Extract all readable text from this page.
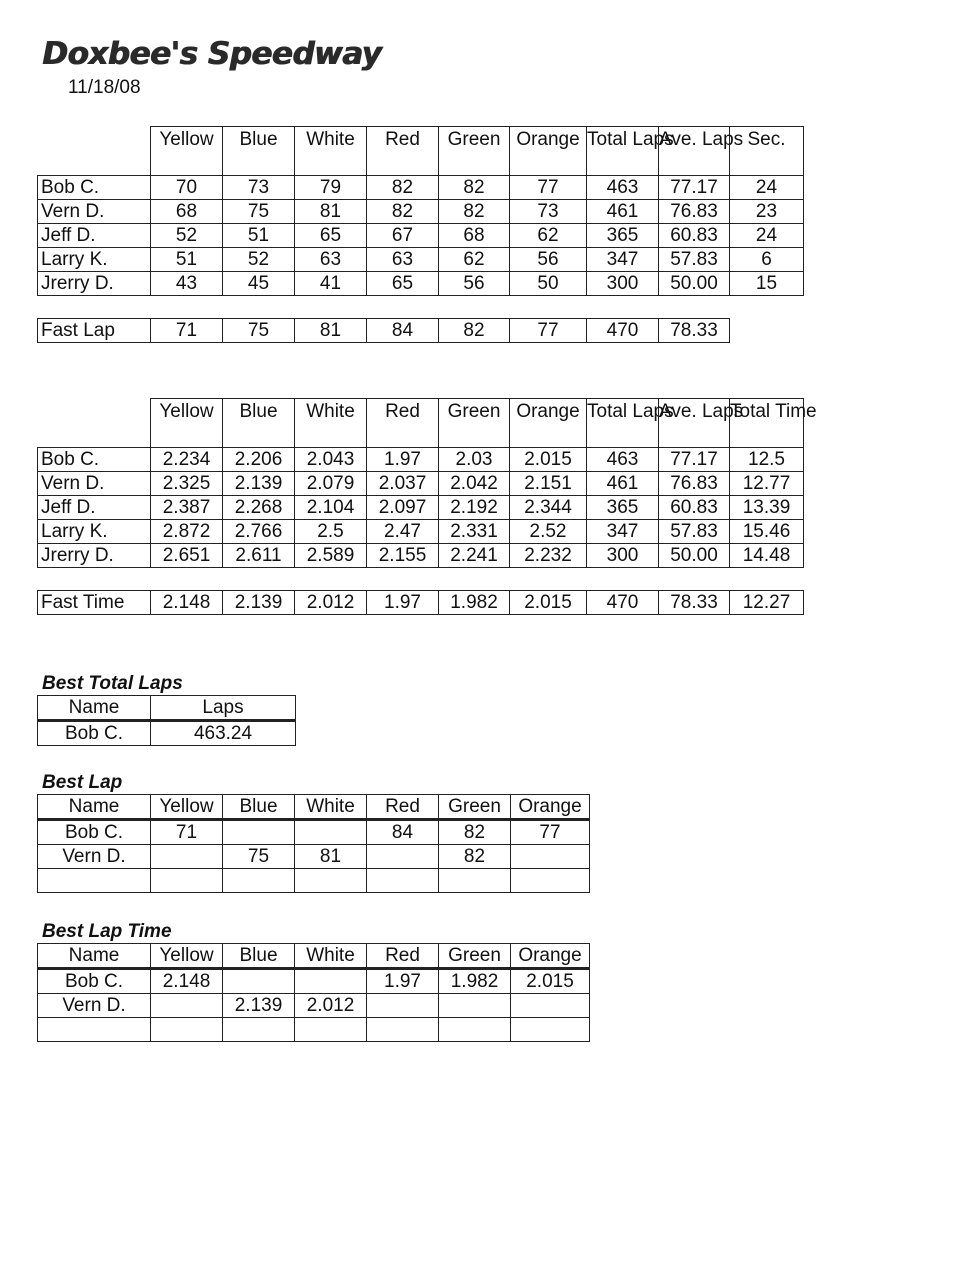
Doxbee's Speedway
11/18/08
	Yellow	Blue	White	Red	Green	Orange	Total Laps	Ave. Laps	Sec.
Bob C.	70	73	79	82	82	77	463	77.17	24
Vern D.	68	75	81	82	82	73	461	76.83	23
Jeff D.	52	51	65	67	68	62	365	60.83	24
Larry K.	51	52	63	63	62	56	347	57.83	6
Jrerry D.	43	45	41	65	56	50	300	50.00	15

Fast Lap	71	75	81	84	82	77	470	78.33	
	Yellow	Blue	White	Red	Green	Orange	Total Laps	Ave. Laps	Total Time
Bob C.	2.234	2.206	2.043	1.97	2.03	2.015	463	77.17	12.5
Vern D.	2.325	2.139	2.079	2.037	2.042	2.151	461	76.83	12.77
Jeff D.	2.387	2.268	2.104	2.097	2.192	2.344	365	60.83	13.39
Larry K.	2.872	2.766	2.5	2.47	2.331	2.52	347	57.83	15.46
Jrerry D.	2.651	2.611	2.589	2.155	2.241	2.232	300	50.00	14.48

Fast Time	2.148	2.139	2.012	1.97	1.982	2.015	470	78.33	12.27
Best Total Laps
Name	Laps
Bob C.	463.24
Best Lap
Name	Yellow	Blue	White	Red	Green	Orange
Bob C.	71			84	82	77
Vern D.		75	81		82	

Best Lap Time
Name	Yellow	Blue	White	Red	Green	Orange
Bob C.	2.148			1.97	1.982	2.015
Vern D.		2.139	2.012			
